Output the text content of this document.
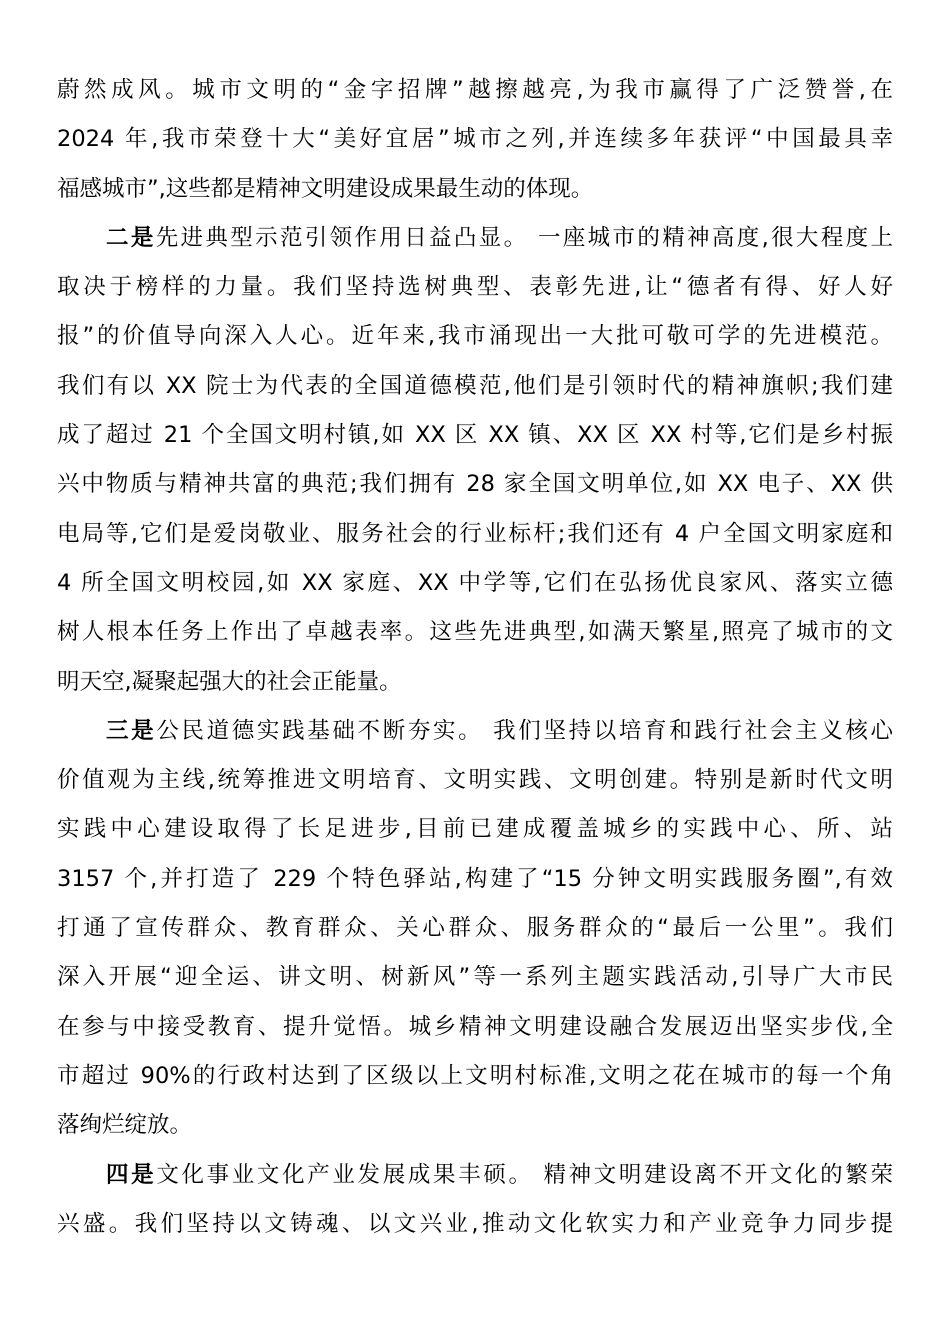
蔚然成风。城市文明的“金字招牌”越擦越亮,为我市赢得了广泛赞誉,在
2024 年,我市荣登十大“美好宜居”城市之列,并连续多年获评“中国最具幸
福感城市”,这些都是精神文明建设成果最生动的体现。
二是先进典型示范引领作用日益凸显。 一座城市的精神高度,很大程度上
取决于榜样的力量。我们坚持选树典型、表彰先进,让“德者有得、好人好
报”的价值导向深入人心。近年来,我市涌现出一大批可敬可学的先进模范。
我们有以 XX 院士为代表的全国道德模范,他们是引领时代的精神旗帜;我们建
成了超过 21 个全国文明村镇,如 XX 区 XX 镇、XX 区 XX 村等,它们是乡村振
兴中物质与精神共富的典范;我们拥有 28 家全国文明单位,如 XX 电子、XX 供
电局等,它们是爱岗敬业、服务社会的行业标杆;我们还有 4 户全国文明家庭和
4 所全国文明校园,如 XX 家庭、XX 中学等,它们在弘扬优良家风、落实立德
树人根本任务上作出了卓越表率。这些先进典型,如满天繁星,照亮了城市的文
明天空,凝聚起强大的社会正能量。
三是公民道德实践基础不断夯实。 我们坚持以培育和践行社会主义核心
价值观为主线,统筹推进文明培育、文明实践、文明创建。特别是新时代文明
实践中心建设取得了长足进步,目前已建成覆盖城乡的实践中心、所、站
3157 个,并打造了 229 个特色驿站,构建了“15 分钟文明实践服务圈”,有效
打通了宣传群众、教育群众、关心群众、服务群众的“最后一公里”。我们
深入开展“迎全运、讲文明、树新风”等一系列主题实践活动,引导广大市民
在参与中接受教育、提升觉悟。城乡精神文明建设融合发展迈出坚实步伐,全
市超过 90%的行政村达到了区级以上文明村标准,文明之花在城市的每一个角
落绚烂绽放。
四是文化事业文化产业发展成果丰硕。 精神文明建设离不开文化的繁荣
兴盛。我们坚持以文铸魂、以文兴业,推动文化软实力和产业竞争力同步提
